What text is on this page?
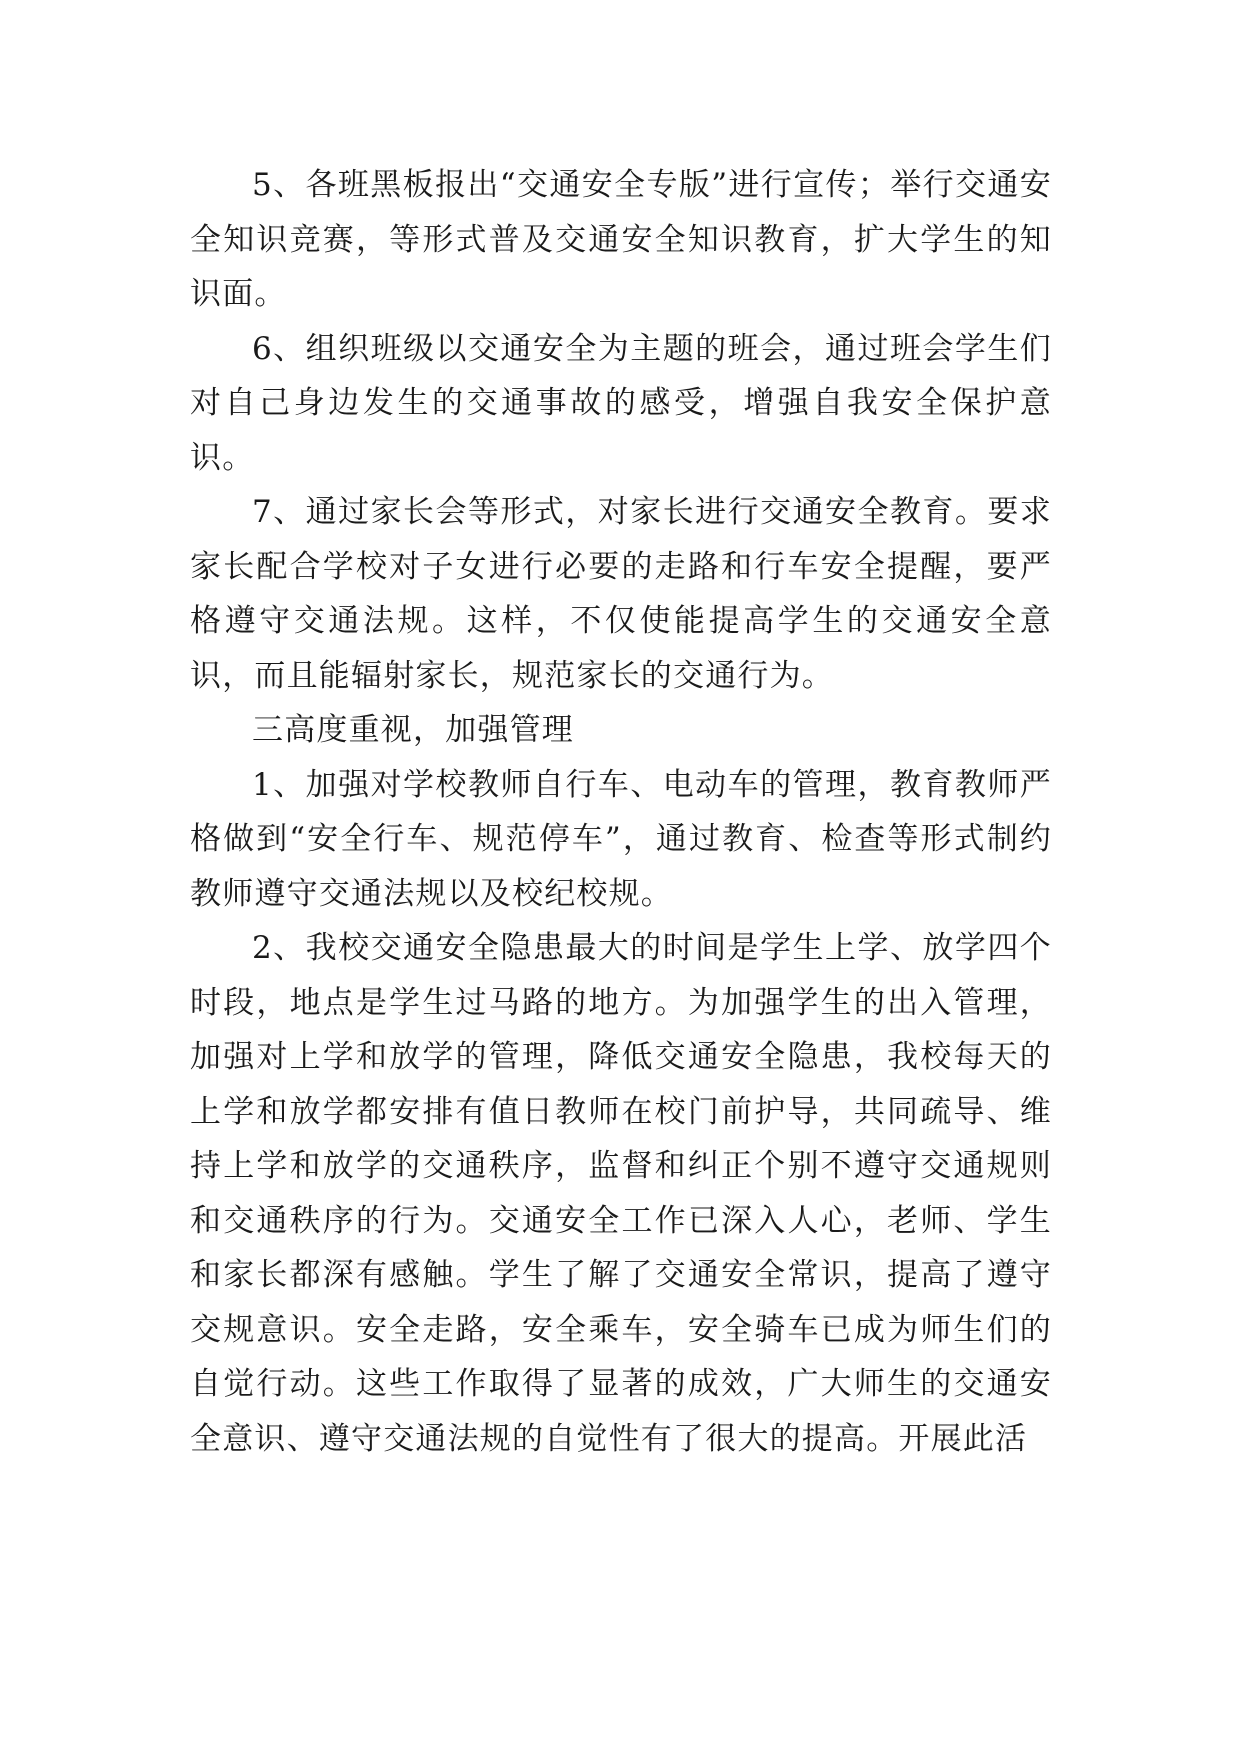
5、各班黑板报出“交通安全专版”进行宣传；举行交通安全知识竞赛，等形式普及交通安全知识教育，扩大学生的知识面。

6、组织班级以交通安全为主题的班会，通过班会学生们对自己身边发生的交通事故的感受，增强自我安全保护意识。

7、通过家长会等形式，对家长进行交通安全教育。要求家长配合学校对子女进行必要的走路和行车安全提醒，要严格遵守交通法规。这样，不仅使能提高学生的交通安全意识，而且能辐射家长，规范家长的交通行为。

三高度重视，加强管理

1、加强对学校教师自行车、电动车的管理，教育教师严格做到“安全行车、规范停车”，通过教育、检查等形式制约教师遵守交通法规以及校纪校规。

2、我校交通安全隐患最大的时间是学生上学、放学四个时段，地点是学生过马路的地方。为加强学生的出入管理，加强对上学和放学的管理，降低交通安全隐患，我校每天的上学和放学都安排有值日教师在校门前护导，共同疏导、维持上学和放学的交通秩序，监督和纠正个别不遵守交通规则和交通秩序的行为。交通安全工作已深入人心，老师、学生和家长都深有感触。学生了解了交通安全常识，提高了遵守交规意识。安全走路，安全乘车，安全骑车已成为师生们的自觉行动。这些工作取得了显著的成效，广大师生的交通安全意识、遵守交通法规的自觉性有了很大的提高。开展此活
